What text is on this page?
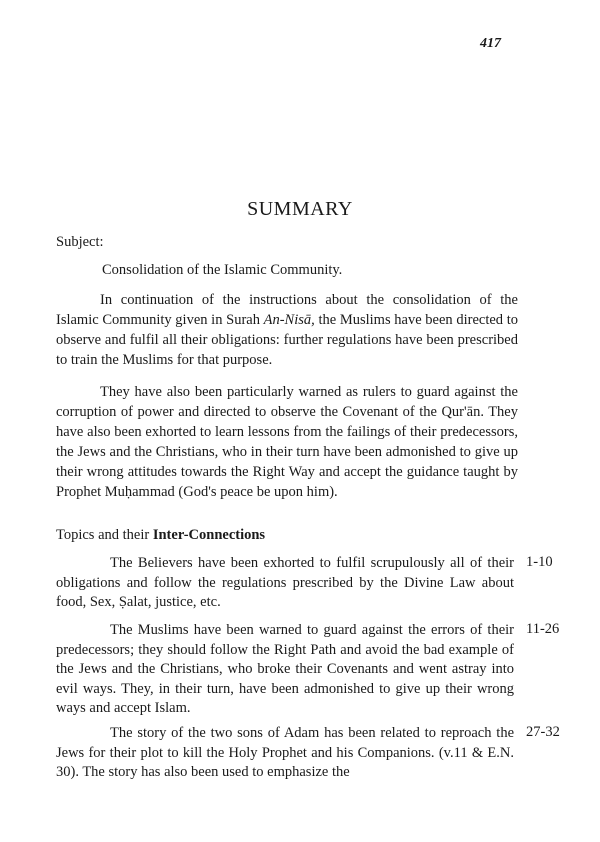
417
SUMMARY
Subject:
Consolidation of the Islamic Community.

In continuation of the instructions about the consolidation of the Islamic Community given in Surah An-Nisā, the Muslims have been directed to observe and fulfil all their obligations: further regulations have been prescribed to train the Muslims for that purpose.

They have also been particularly warned as rulers to guard against the corruption of power and directed to observe the Covenant of the Qur'ān. They have also been exhorted to learn lessons from the failings of their predecessors, the Jews and the Christians, who in their turn have been admonished to give up their wrong attitudes towards the Right Way and accept the guidance taught by Prophet Muḥammad (God's peace be upon him).

Topics and their Inter-Connections

The Believers have been exhorted to fulfil scrupulously all of their obligations and follow the regulations prescribed by the Divine Law about food, Sex, Ṣalat, justice, etc.

1-10

The Muslims have been warned to guard against the errors of their predecessors; they should follow the Right Path and avoid the bad example of the Jews and the Christians, who broke their Covenants and went astray into evil ways. They, in their turn, have been admonished to give up their wrong ways and accept Islam.

11-26

The story of the two sons of Adam has been related to reproach the Jews for their plot to kill the Holy Prophet and his Companions. (v.11 & E.N. 30). The story has also been used to emphasize the

27-32
